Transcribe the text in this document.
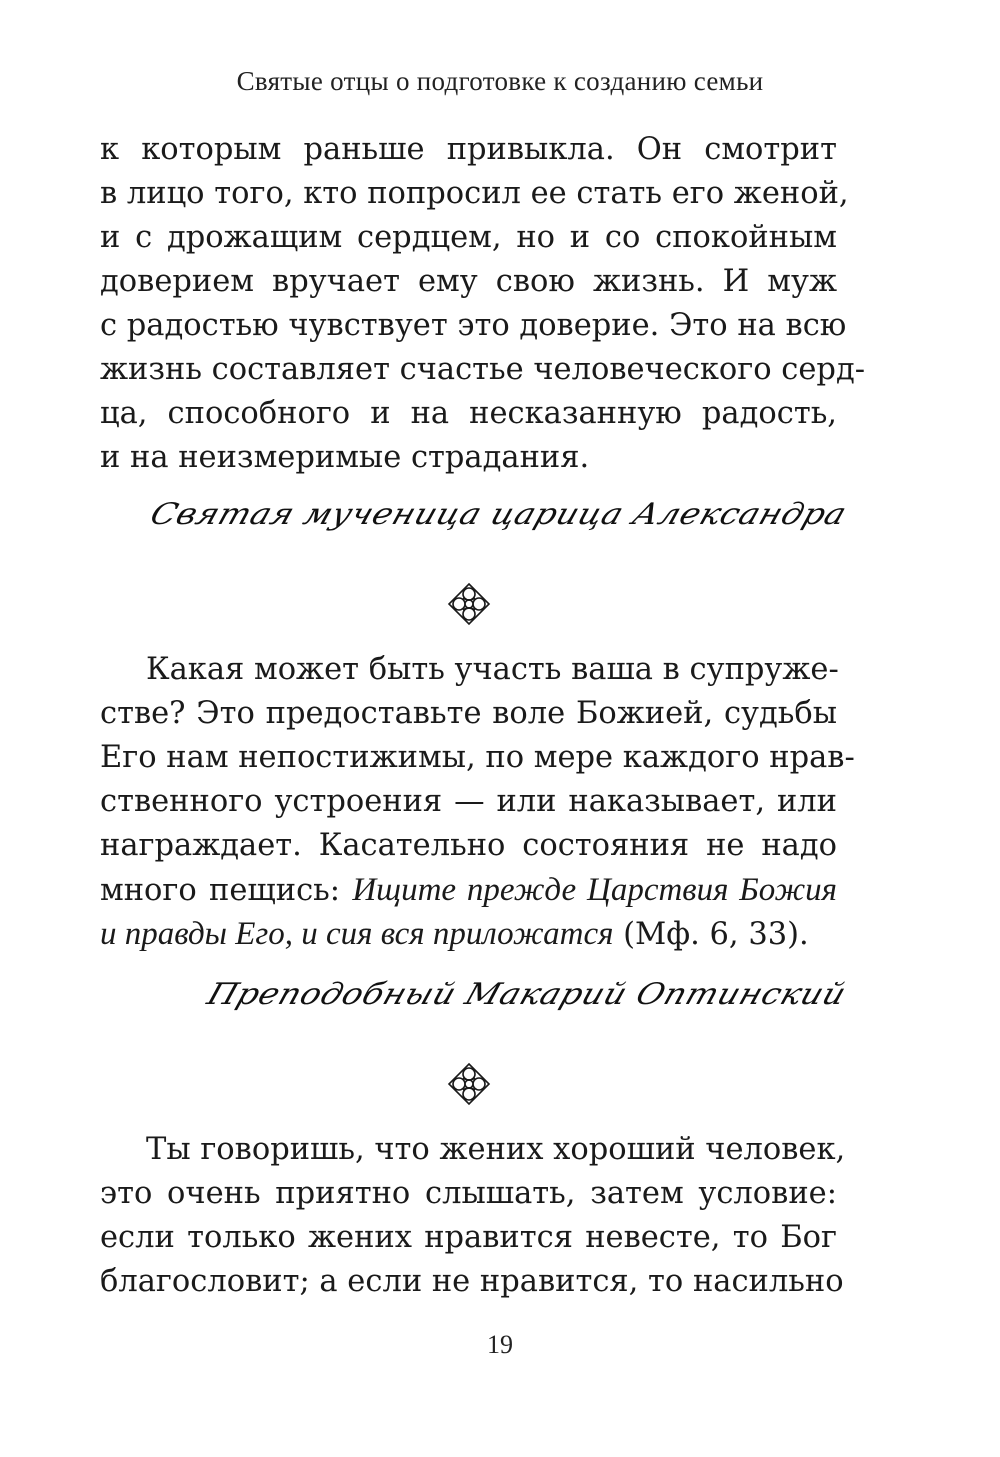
Святые отцы о подготовке к созданию семьи
к которым раньше привыкла. Он смотрит
в лицо того, кто попросил ее стать его женой,
и с дрожащим сердцем, но и со спокойным
доверием вручает ему свою жизнь. И муж
с радостью чувствует это доверие. Это на всю
жизнь составляет счастье человеческого серд-
ца, способного и на несказанную радость,
и на неизмеримые страдания.
Святая мученица царица Александра
Какая может быть участь ваша в супруже-
стве? Это предоставьте воле Божией, судьбы
Его нам непостижимы, по мере каждого нрав-
ственного устроения — или наказывает, или
награждает. Касательно состояния не надо
много пещись: Ищите прежде Царствия Божия
и правды Его, и сия вся приложатся (Мф. 6, 33).
Преподобный Макарий Оптинский
Ты говоришь, что жених хороший человек,
это очень приятно слышать, затем условие:
если только жених нравится невесте, то Бог
благословит; а если не нравится, то насильно
19
